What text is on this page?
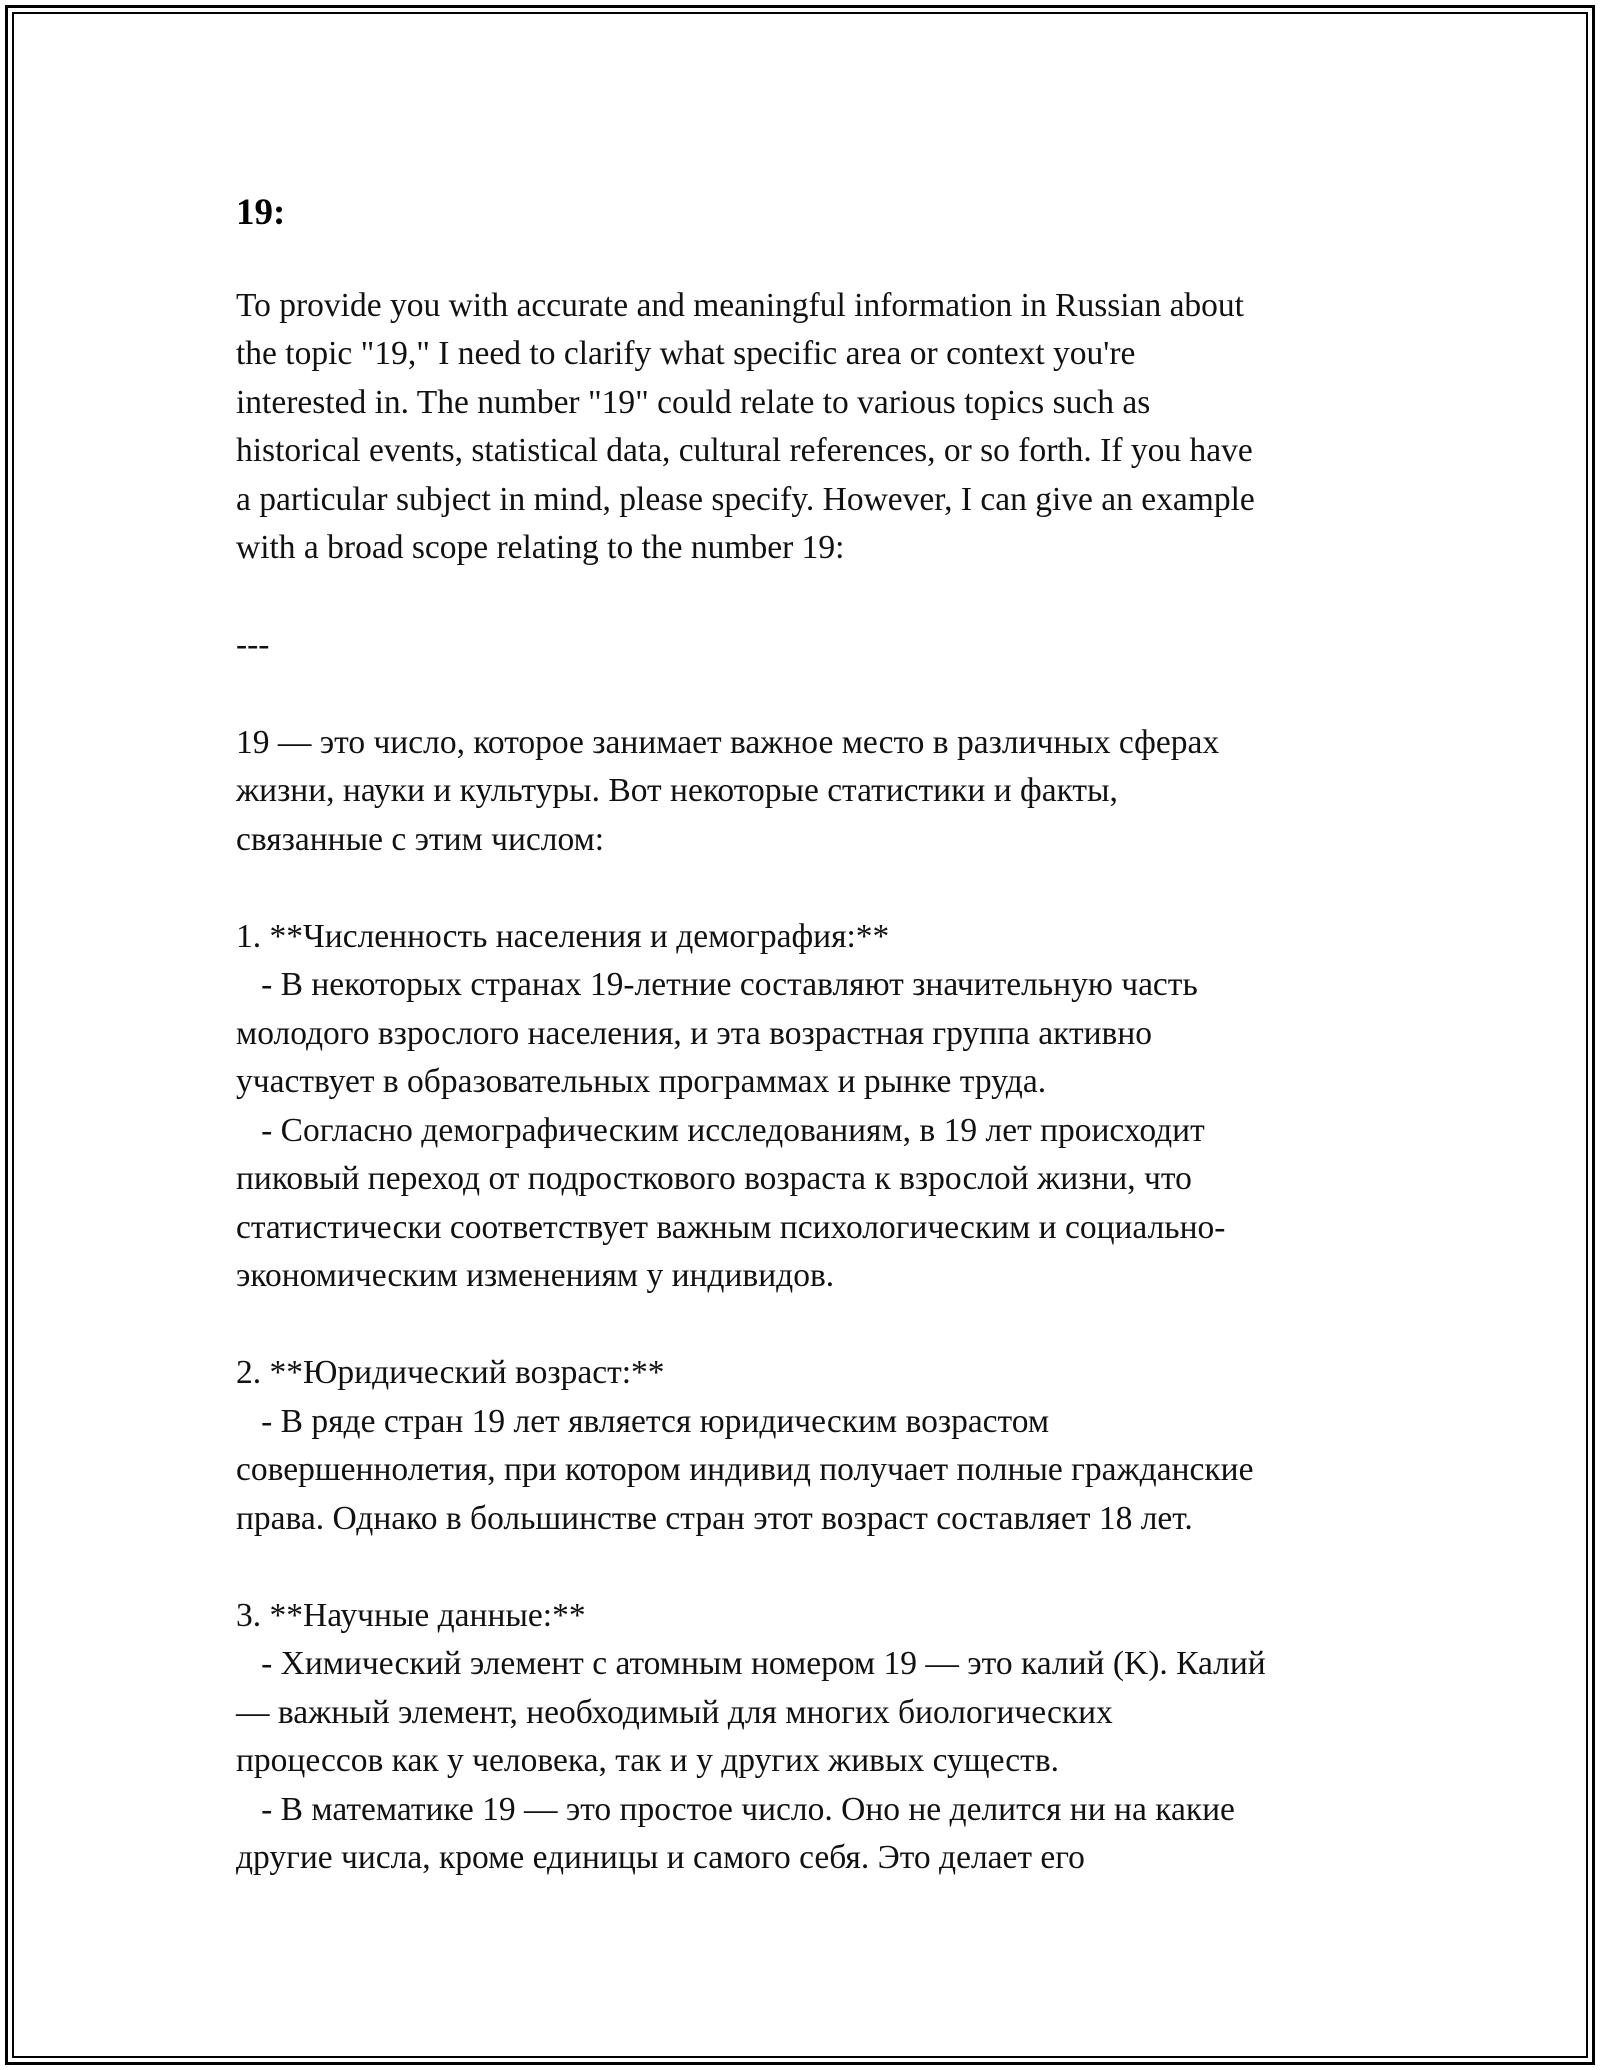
19:

To provide you with accurate and meaningful information in Russian about
the topic "19," I need to clarify what specific area or context you're
interested in. The number "19" could relate to various topics such as
historical events, statistical data, cultural references, or so forth. If you have
a particular subject in mind, please specify. However, I can give an example
with a broad scope relating to the number 19:

---

19 — это число, которое занимает важное место в различных сферах
жизни, науки и культуры. Вот некоторые статистики и факты,
связанные с этим числом:

1. **Численность населения и демография:**
- В некоторых странах 19-летние составляют значительную часть
молодого взрослого населения, и эта возрастная группа активно
участвует в образовательных программах и рынке труда.
- Согласно демографическим исследованиям, в 19 лет происходит
пиковый переход от подросткового возраста к взрослой жизни, что
статистически соответствует важным психологическим и социально-
экономическим изменениям у индивидов.

2. **Юридический возраст:**
- В ряде стран 19 лет является юридическим возрастом
совершеннолетия, при котором индивид получает полные гражданские
права. Однако в большинстве стран этот возраст составляет 18 лет.

3. **Научные данные:**
- Химический элемент с атомным номером 19 — это калий (K). Калий
— важный элемент, необходимый для многих биологических
процессов как у человека, так и у других живых существ.
- В математике 19 — это простое число. Оно не делится ни на какие
другие числа, кроме единицы и самого себя. Это делает его
